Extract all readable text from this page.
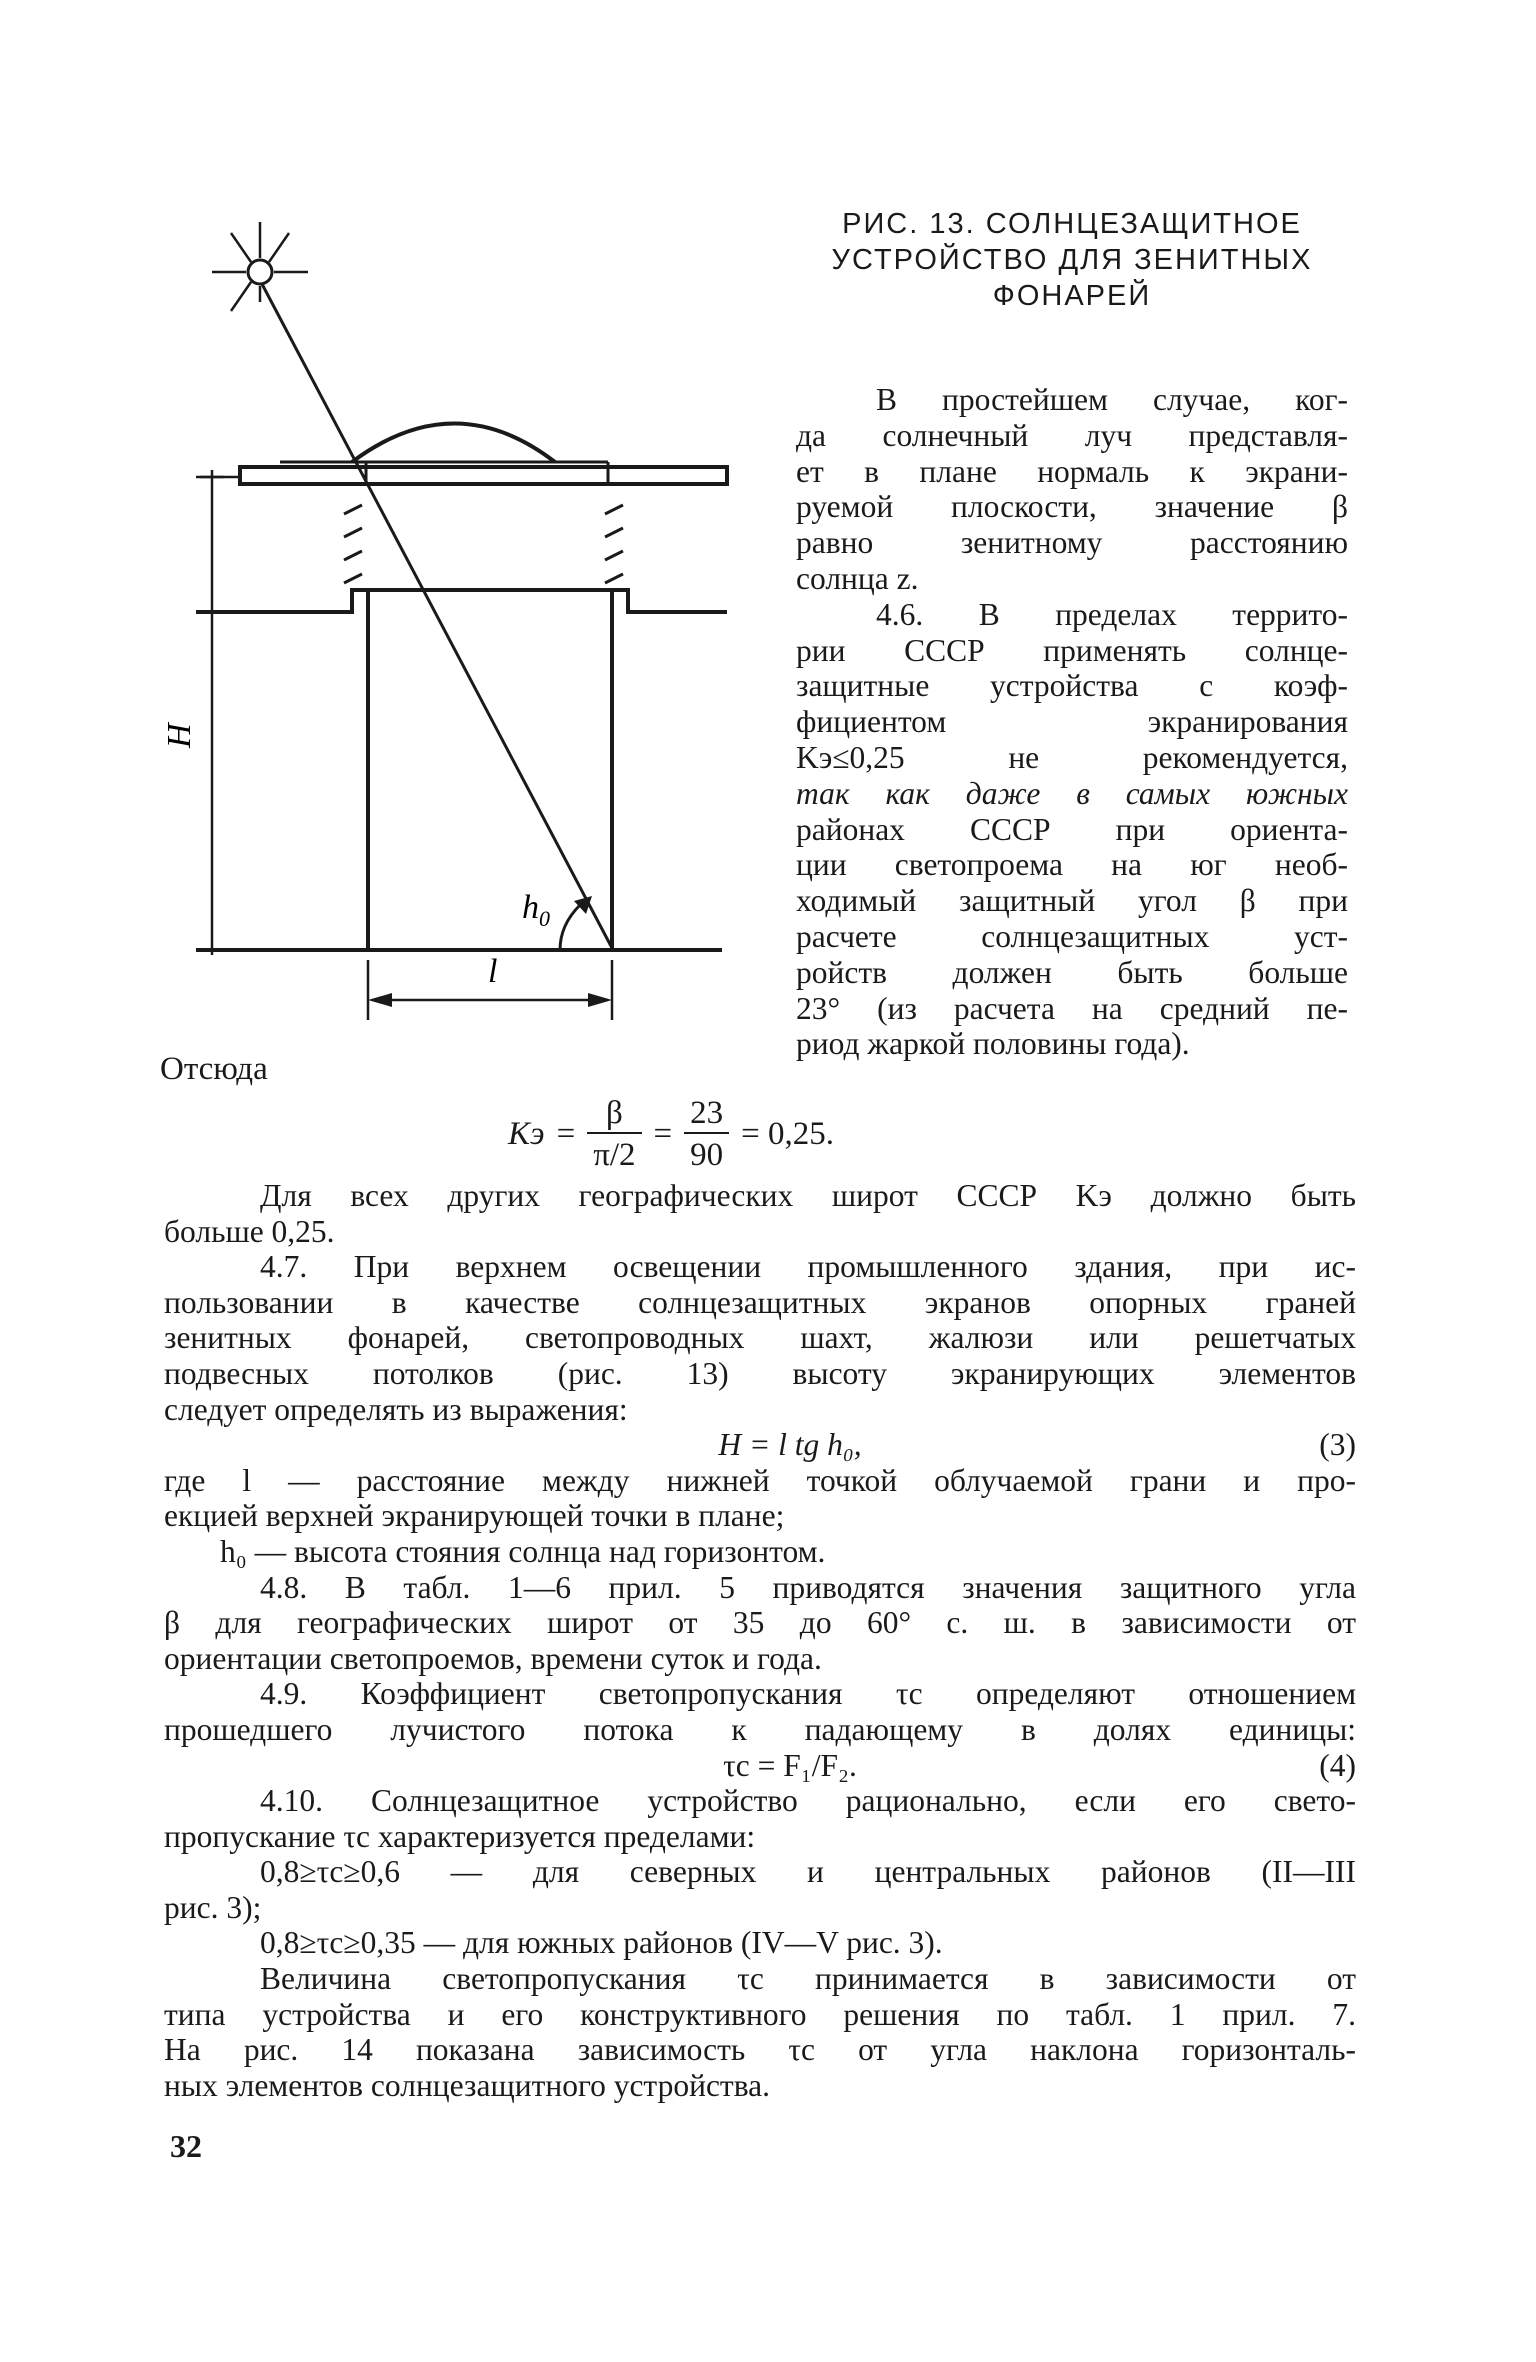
H
l
$h_0$
РИС. 13. СОЛНЦЕЗАЩИТНОЕ
УСТРОЙСТВО ДЛЯ ЗЕНИТНЫХ
ФОНАРЕЙ
В простейшем случае, ког-
да солнечный луч представля-
ет в плане нормаль к экрани-
руемой плоскости, значение β
равно зенитному расстоянию
солнца z.
4.6. В пределах террито-
рии СССР применять солнце-
защитные устройства с коэф-
фициентом экранирования
Kэ≤0,25 не рекомендуется,
так как даже в самых южных
районах СССР при ориента-
ции светопроема на юг необ-
ходимый защитный угол β при
расчете солнцезащитных уст-
ройств должен быть больше
23° (из расчета на средний пе-
риод жаркой половины года).
Отсюда
Kэ = $\frac{\beta}{\pi/2} = \frac{23}{90} = 0,25$.
Для всех других географических широт СССР Kэ должно быть
больше 0,25.
4.7. При верхнем освещении промышленного здания, при ис-
пользовании в качестве солнцезащитных экранов опорных граней
зенитных фонарей, светопроводных шахт, жалюзи или решетчатых
подвесных потолков (рис. 13) высоту экранирующих элементов
следует определять из выражения:
H = l tg h₀,	(3)
где l — расстояние между нижней точкой облучаемой грани и про-
екцией верхней экранирующей точки в плане;
h₀ — высота стояния солнца над горизонтом.
4.8. В табл. 1—6 прил. 5 приводятся значения защитного угла
β для географических широт от 35 до 60° с. ш. в зависимости от
ориентации светопроемов, времени суток и года.
4.9. Коэффициент светопропускания τс определяют отношением
прошедшего лучистого потока к падающему в долях единицы:
τс = F₁/F₂.	(4)
4.10. Солнцезащитное устройство рационально, если его свето-
пропускание τс характеризуется пределами:
0,8≥τс≥0,6 — для северных и центральных районов (II—III
рис. 3);
0,8≥τс≥0,35 — для южных районов (IV—V рис. 3).
Величина светопропускания τс принимается в зависимости от
типа устройства и его конструктивного решения по табл. 1 прил. 7.
На рис. 14 показана зависимость τс от угла наклона горизонталь-
ных элементов солнцезащитного устройства.
32
